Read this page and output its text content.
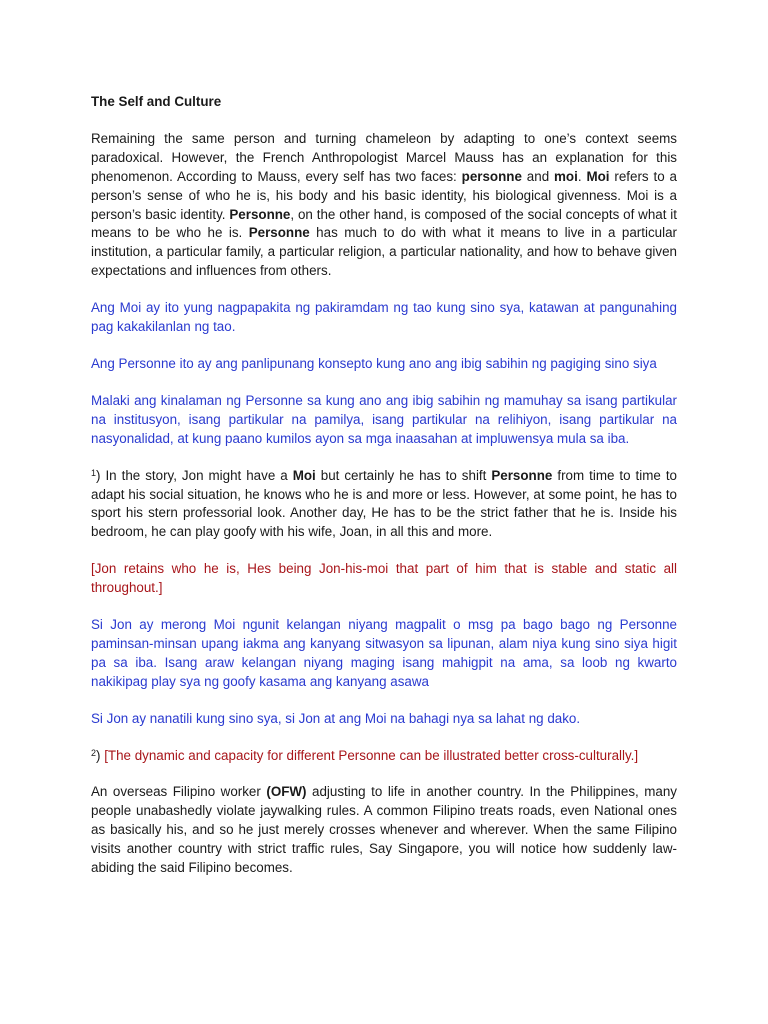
The Self and Culture

Remaining the same person and turning chameleon by adapting to one’s context seems paradoxical. However, the French Anthropologist Marcel Mauss has an explanation for this phenomenon. According to Mauss, every self has two faces: personne and moi. Moi refers to a person’s sense of who he is, his body and his basic identity, his biological givenness. Moi is a person’s basic identity. Personne, on the other hand, is composed of the social concepts of what it means to be who he is. Personne has much to do with what it means to live in a particular institution, a particular family, a particular religion, a particular nationality, and how to behave given expectations and influences from others.

Ang Moi ay ito yung nagpapakita ng pakiramdam ng tao kung sino sya, katawan at pangunahing pag kakakilanlan ng tao.

Ang Personne ito ay ang panlipunang konsepto kung ano ang ibig sabihin ng pagiging sino siya

Malaki ang kinalaman ng Personne sa kung ano ang ibig sabihin ng mamuhay sa isang partikular na institusyon, isang partikular na pamilya, isang partikular na relihiyon, isang partikular na nasyonalidad, at kung paano kumilos ayon sa mga inaasahan at impluwensya mula sa iba.

$^1$) In the story, Jon might have a Moi but certainly he has to shift Personne from time to time to adapt his social situation, he knows who he is and more or less. However, at some point, he has to sport his stern professorial look. Another day, He has to be the strict father that he is. Inside his bedroom, he can play goofy with his wife, Joan, in all this and more.

[Jon retains who he is, Hes being Jon-his-moi that part of him that is stable and static all throughout.]

Si Jon ay merong Moi ngunit kelangan niyang magpalit o msg pa bago bago ng Personne paminsan-minsan upang iakma ang kanyang sitwasyon sa lipunan, alam niya kung sino siya higit pa sa iba. Isang araw kelangan niyang maging isang mahigpit na ama, sa loob ng kwarto nakikipag play sya ng goofy kasama ang kanyang asawa

Si Jon ay nanatili kung sino sya, si Jon at ang Moi na bahagi nya sa lahat ng dako.

$^2$) [The dynamic and capacity for different Personne can be illustrated better cross-culturally.]

An overseas Filipino worker (OFW) adjusting to life in another country. In the Philippines, many people unabashedly violate jaywalking rules. A common Filipino treats roads, even National ones as basically his, and so he just merely crosses whenever and wherever. When the same Filipino visits another country with strict traffic rules, Say Singapore, you will notice how suddenly law-abiding the said Filipino becomes.
